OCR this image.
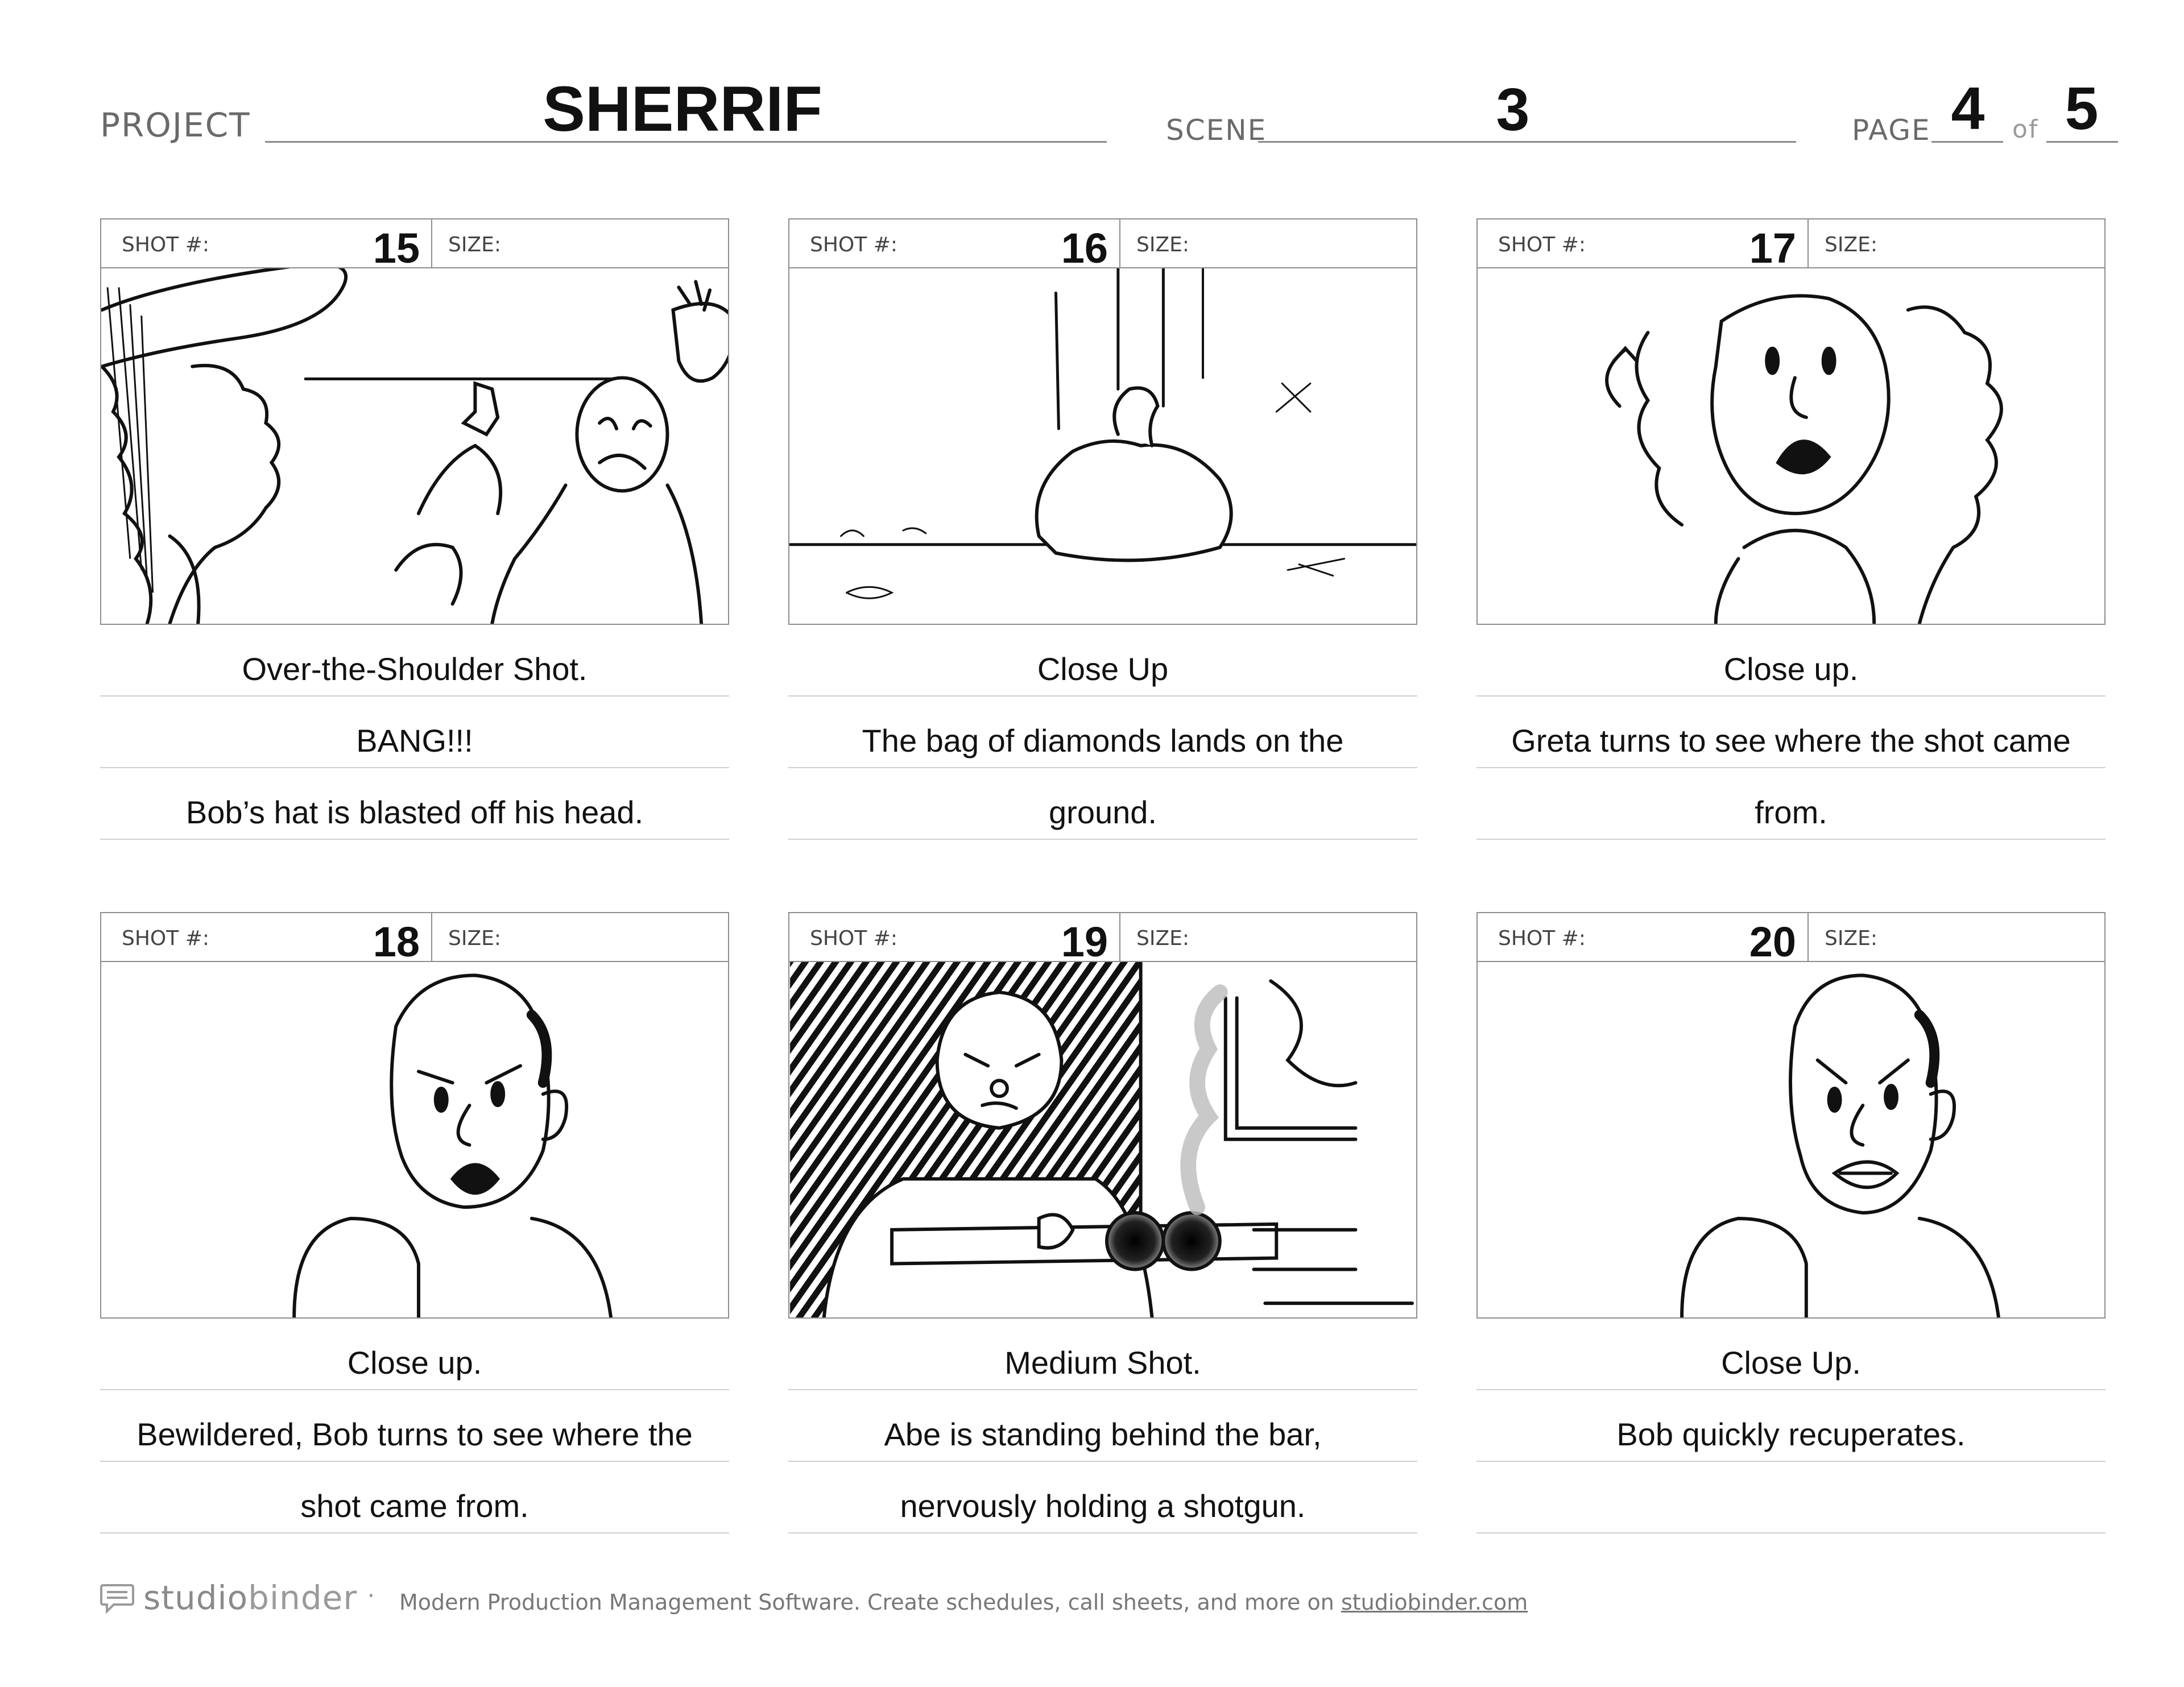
PROJECT	SHERRIF	SCENE	3	PAGE 4	of 5
SHOT #:	15 SIZE:
Over-the-Shoulder Shot.
BANG!!!
Bob’s hat is blasted off his head.
SHOT #:	16 SIZE:
Close Up
The bag of diamonds lands on the
ground.
SHOT #:	17 SIZE:
Close up.
Greta turns to see where the shot came
from.
SHOT #:	18 SIZE:
Close up.
Bewildered, Bob turns to see where the
shot came from.
SHOT #:	19 SIZE:
Medium Shot.
Abe is standing behind the bar,
nervously holding a shotgun.
SHOT #:	20 SIZE:
Close Up.
Bob quickly recuperates.
studiobinder · Modern Production Management Software. Create schedules, call sheets, and more on studiobinder.com
